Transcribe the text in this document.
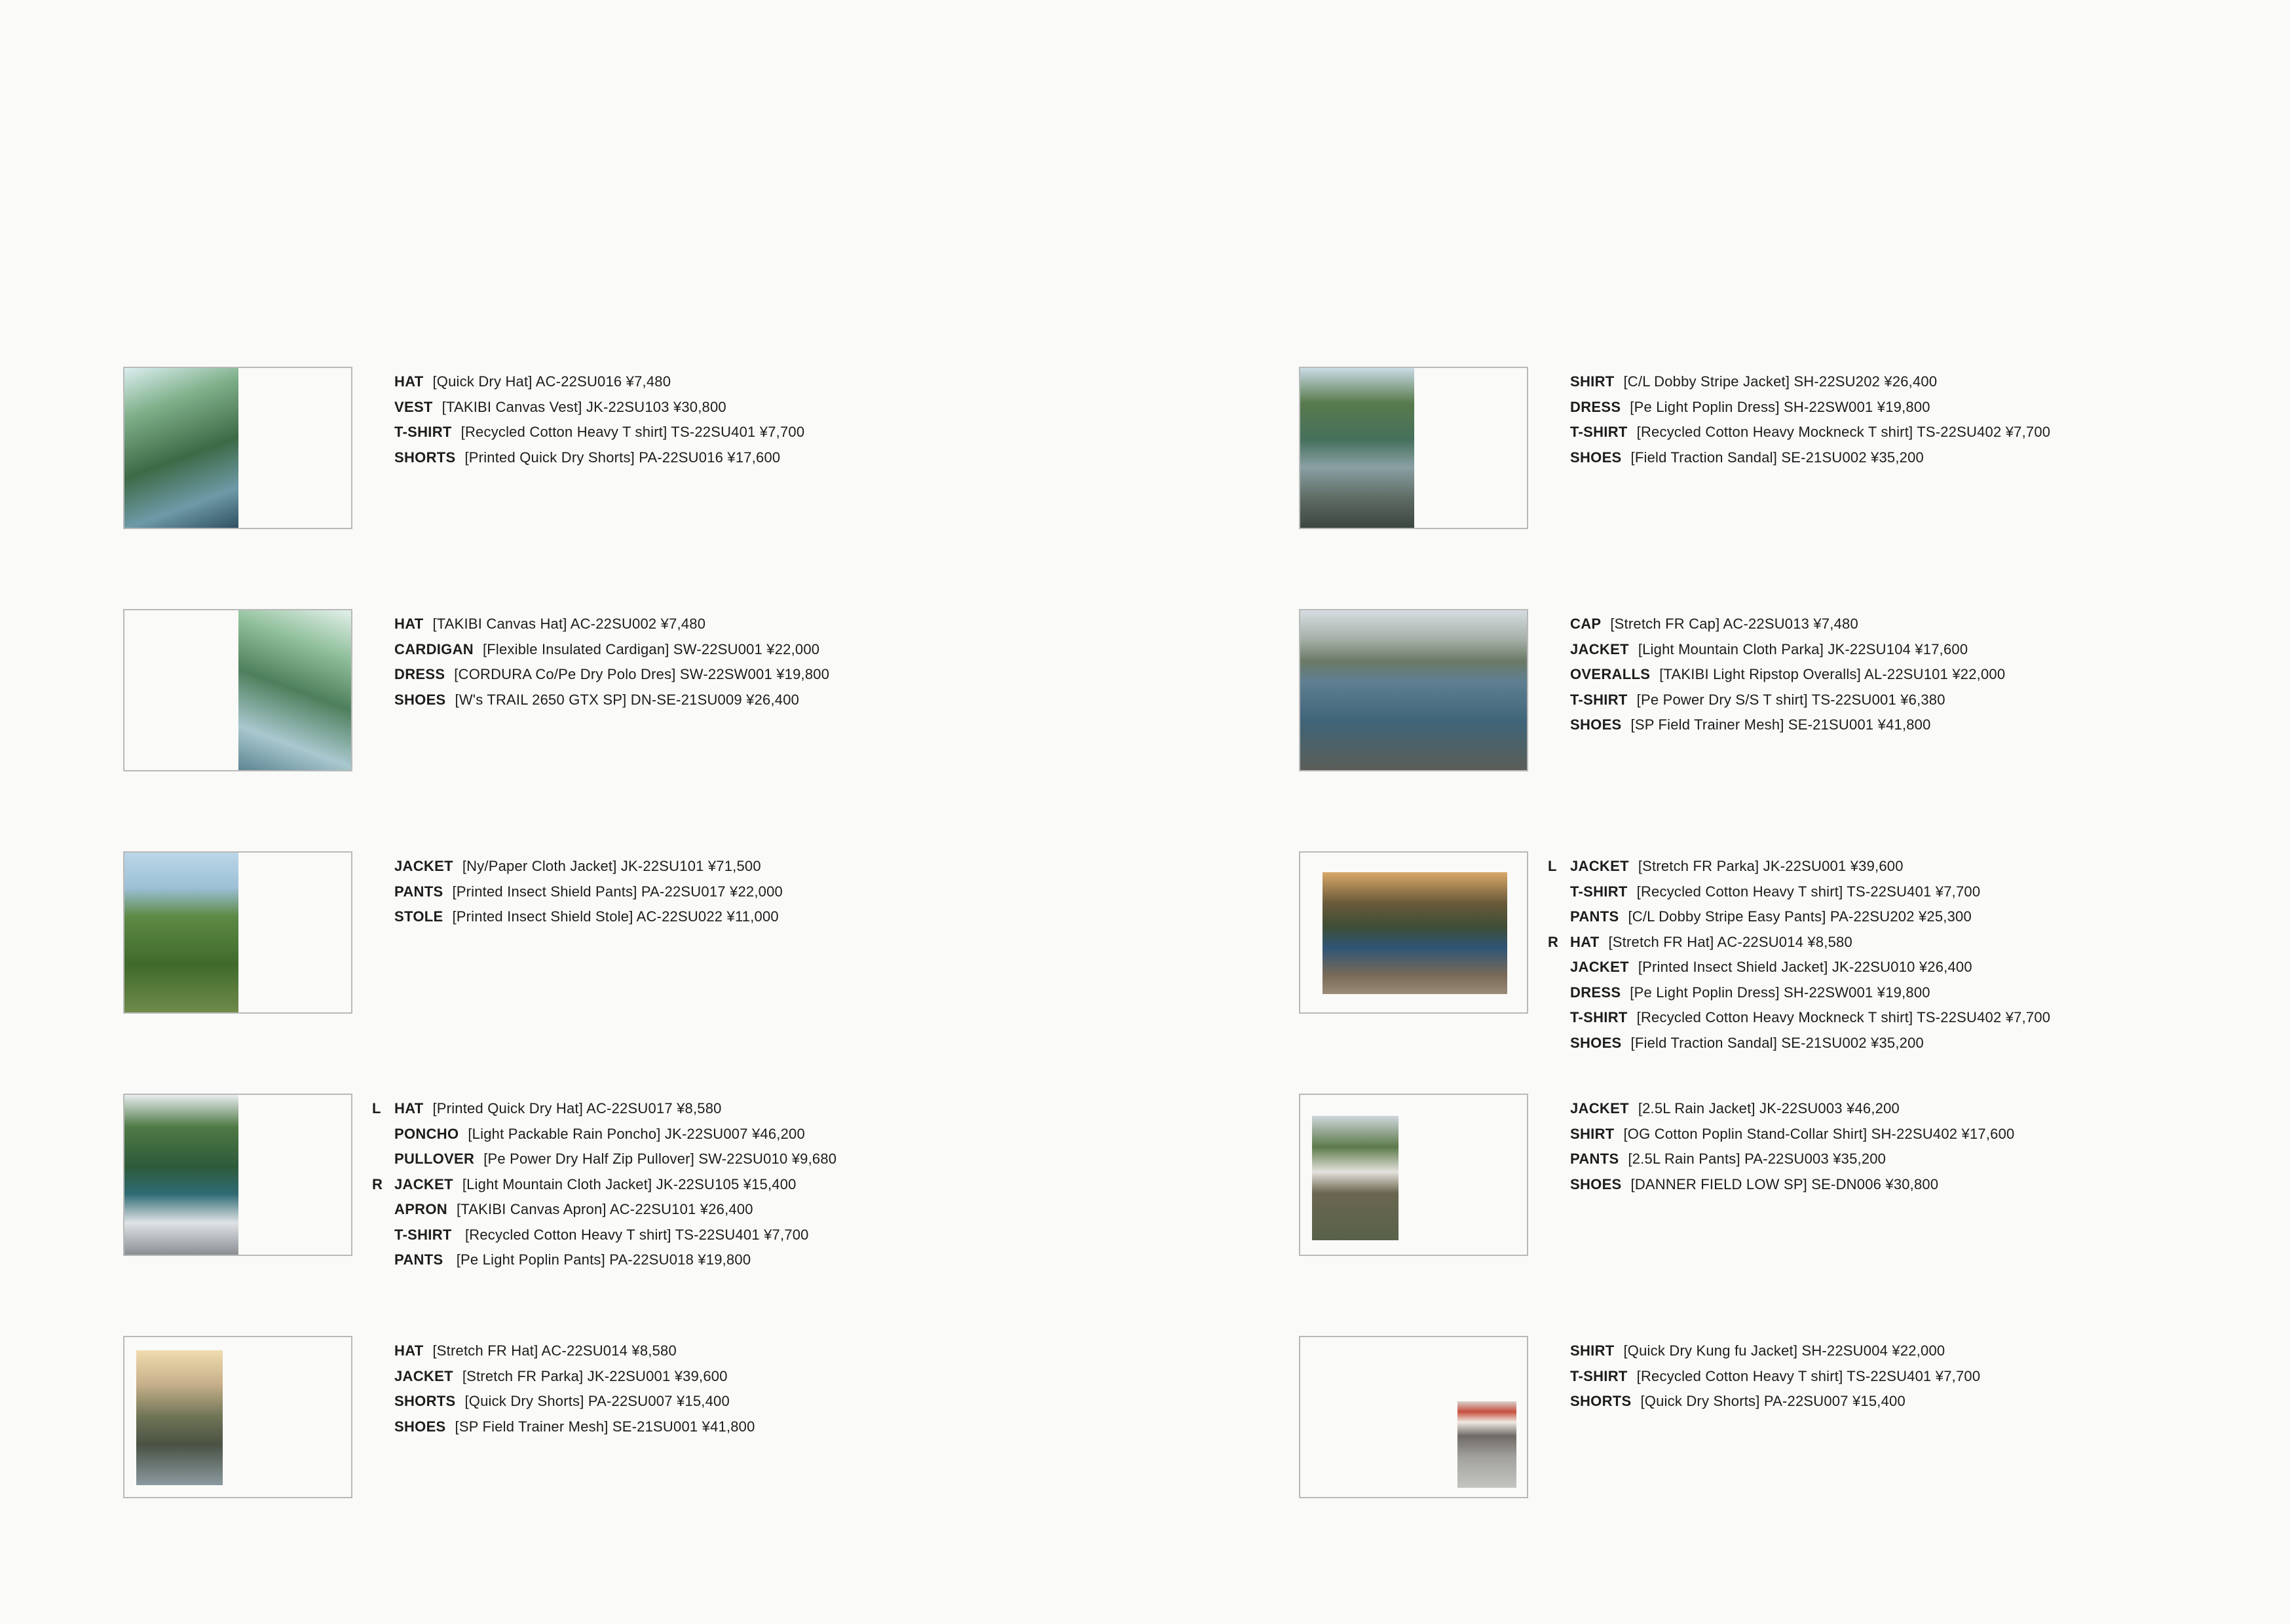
HAT [Quick Dry Hat] AC-22SU016 ¥7,480
VEST [TAKIBI Canvas Vest] JK-22SU103 ¥30,800
T-SHIRT [Recycled Cotton Heavy T shirt] TS-22SU401 ¥7,700
SHORTS [Printed Quick Dry Shorts] PA-22SU016 ¥17,600
HAT [TAKIBI Canvas Hat] AC-22SU002 ¥7,480
CARDIGAN [Flexible Insulated Cardigan] SW-22SU001 ¥22,000
DRESS [CORDURA Co/Pe Dry Polo Dres] SW-22SW001 ¥19,800
SHOES [W's TRAIL 2650 GTX SP] DN-SE-21SU009 ¥26,400
JACKET [Ny/Paper Cloth Jacket] JK-22SU101 ¥71,500
PANTS [Printed Insect Shield Pants] PA-22SU017 ¥22,000
STOLE [Printed Insect Shield Stole] AC-22SU022 ¥11,000
L HAT [Printed Quick Dry Hat] AC-22SU017 ¥8,580
PONCHO [Light Packable Rain Poncho] JK-22SU007 ¥46,200
PULLOVER [Pe Power Dry Half Zip Pullover] SW-22SU010 ¥9,680
R JACKET [Light Mountain Cloth Jacket] JK-22SU105 ¥15,400
APRON [TAKIBI Canvas Apron] AC-22SU101 ¥26,400
T-SHIRT [Recycled Cotton Heavy T shirt] TS-22SU401 ¥7,700
PANTS [Pe Light Poplin Pants] PA-22SU018 ¥19,800
HAT [Stretch FR Hat] AC-22SU014 ¥8,580
JACKET [Stretch FR Parka] JK-22SU001 ¥39,600
SHORTS [Quick Dry Shorts] PA-22SU007 ¥15,400
SHOES [SP Field Trainer Mesh] SE-21SU001 ¥41,800
SHIRT [C/L Dobby Stripe Jacket] SH-22SU202 ¥26,400
DRESS [Pe Light Poplin Dress] SH-22SW001 ¥19,800
T-SHIRT [Recycled Cotton Heavy Mockneck T shirt] TS-22SU402 ¥7,700
SHOES [Field Traction Sandal] SE-21SU002 ¥35,200
CAP [Stretch FR Cap] AC-22SU013 ¥7,480
JACKET [Light Mountain Cloth Parka] JK-22SU104 ¥17,600
OVERALLS [TAKIBI Light Ripstop Overalls] AL-22SU101 ¥22,000
T-SHIRT [Pe Power Dry S/S T shirt] TS-22SU001 ¥6,380
SHOES [SP Field Trainer Mesh] SE-21SU001 ¥41,800
L JACKET [Stretch FR Parka] JK-22SU001 ¥39,600
T-SHIRT [Recycled Cotton Heavy T shirt] TS-22SU401 ¥7,700
PANTS [C/L Dobby Stripe Easy Pants] PA-22SU202 ¥25,300
R HAT [Stretch FR Hat] AC-22SU014 ¥8,580
JACKET [Printed Insect Shield Jacket] JK-22SU010 ¥26,400
DRESS [Pe Light Poplin Dress] SH-22SW001 ¥19,800
T-SHIRT [Recycled Cotton Heavy Mockneck T shirt] TS-22SU402 ¥7,700
SHOES [Field Traction Sandal] SE-21SU002 ¥35,200
JACKET [2.5L Rain Jacket] JK-22SU003 ¥46,200
SHIRT [OG Cotton Poplin Stand-Collar Shirt] SH-22SU402 ¥17,600
PANTS [2.5L Rain Pants] PA-22SU003 ¥35,200
SHOES [DANNER FIELD LOW SP] SE-DN006 ¥30,800
SHIRT [Quick Dry Kung fu Jacket] SH-22SU004 ¥22,000
T-SHIRT [Recycled Cotton Heavy T shirt] TS-22SU401 ¥7,700
SHORTS [Quick Dry Shorts] PA-22SU007 ¥15,400
